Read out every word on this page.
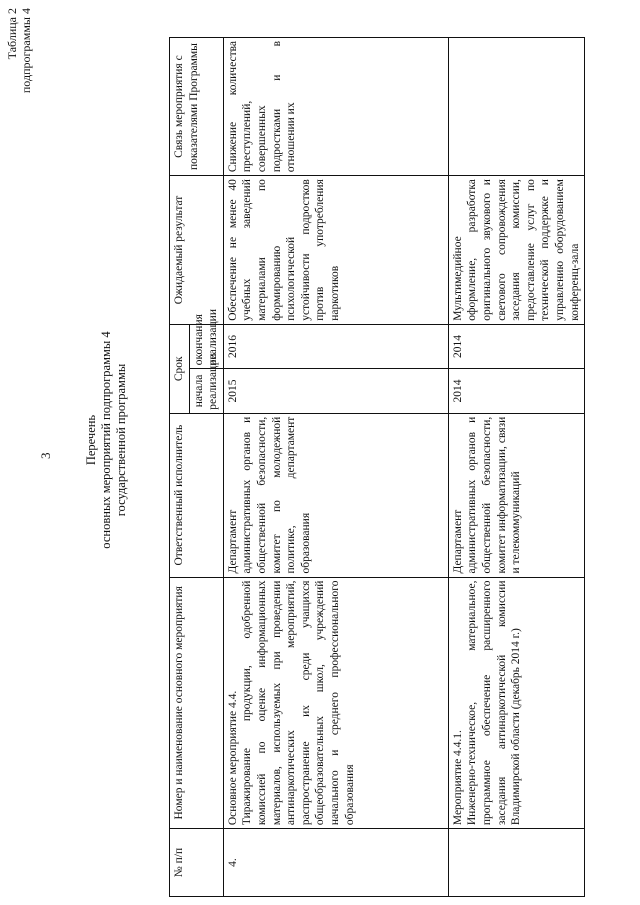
3
Таблица 2 подпрограммы 4
Перечень основных мероприятий подпрограммы 4 государственной программы
№ п/п	Номер и наименование основного мероприятия	Ответственный исполнитель	Срок		Ожидаемый результат	Связь мероприятия с показателями Программы
			начала реализации	окончания реализации		
4.	Основное мероприятие 4.4. Тиражирование продукции, одобренной комиссией по оценке информационных материалов, используемых при проведении антинаркотических мероприятий, распространение их среди учащихся общеобразовательных школ, учреждений начального и среднего профессионального образования	Департамент административных органов и общественной безопасности, комитет по молодежной политике, департамент образования	2015	2016	Обеспечение не менее 40 учебных заведений материалами по формированию психологической устойчивости подростков против употребления наркотиков	Снижение количества преступлений, совершенных подростками и в отношении их

	Мероприятие 4.4.1. Инженерно-техническое, материальное, программное обеспечение расширенного заседания антинаркотической комиссии Владимирской области (декабрь 2014 г.)	Департамент административных органов и общественной безопасности, комитет информатизации, связи и телекоммуникаций	2014	2014	Мультимедийное оформление, разработка оригинального звукового и светового сопровождения заседания комиссии, предоставление услуг по технической поддержке и управлению оборудованием конференц-зала	
